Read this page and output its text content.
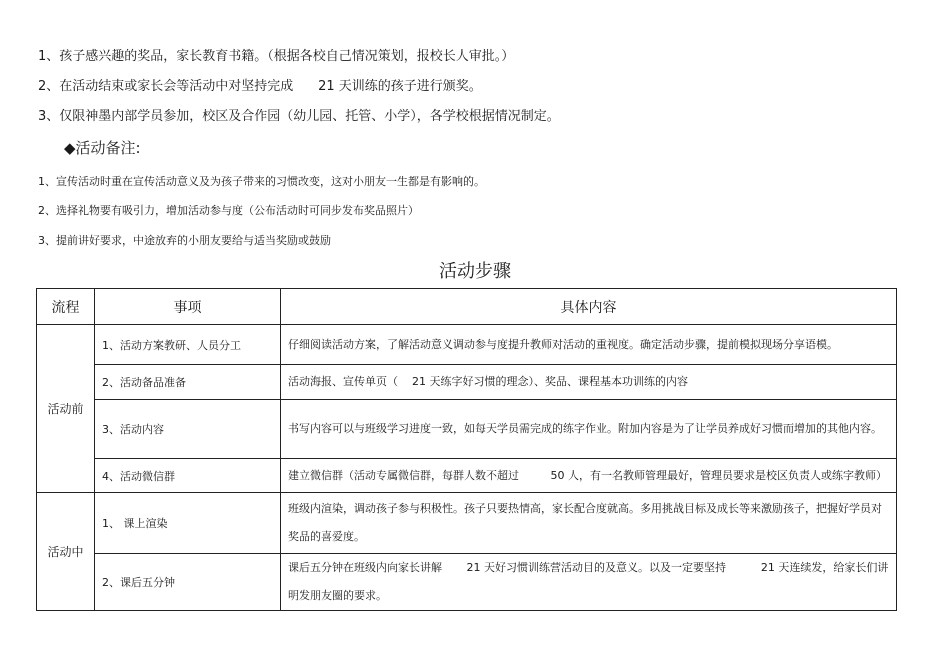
1、孩子感兴趣的奖品，家长教育书籍。（根据各校自己情况策划，报校长人审批。）
2、在活动结束或家长会等活动中对坚持完成      21 天训练的孩子进行颁奖。
3、仅限神墨内部学员参加，校区及合作园（幼儿园、托管、小学），各学校根据情况制定。
◆活动备注:
1、宣传活动时重在宣传活动意义及为孩子带来的习惯改变，这对小朋友一生都是有影响的。
2、选择礼物要有吸引力，增加活动参与度（公布活动时可同步发布奖品照片）
3、提前讲好要求，中途放弃的小朋友要给与适当奖励或鼓励
活动步骤
流程	事项	具体内容
活动前	1、活动方案教研、人员分工	仔细阅读活动方案，了解活动意义调动参与度提升教师对活动的重视度。确定活动步骤，提前模拟现场分享语模。
	2、活动备品准备	活动海报、宣传单页（    21 天练字好习惯的理念）、奖品、课程基本功训练的内容
	3、活动内容	书写内容可以与班级学习进度一致，如每天学员需完成的练字作业。附加内容是为了让学员养成好习惯而增加的其他内容。
	4、活动微信群	建立微信群（活动专属微信群，每群人数不超过         50 人，有一名教师管理最好，管理员要求是校区负责人或练字教师）
活动中	1、 课上渲染	班级内渲染，调动孩子参与积极性。孩子只要热情高，家长配合度就高。多用挑战目标及成长等来激励孩子，把握好学员对奖品的喜爱度。
	2、课后五分钟	课后五分钟在班级内向家长讲解       21 天好习惯训练营活动目的及意义。以及一定要坚持          21 天连续发，给家长们讲明发朋友圈的要求。
